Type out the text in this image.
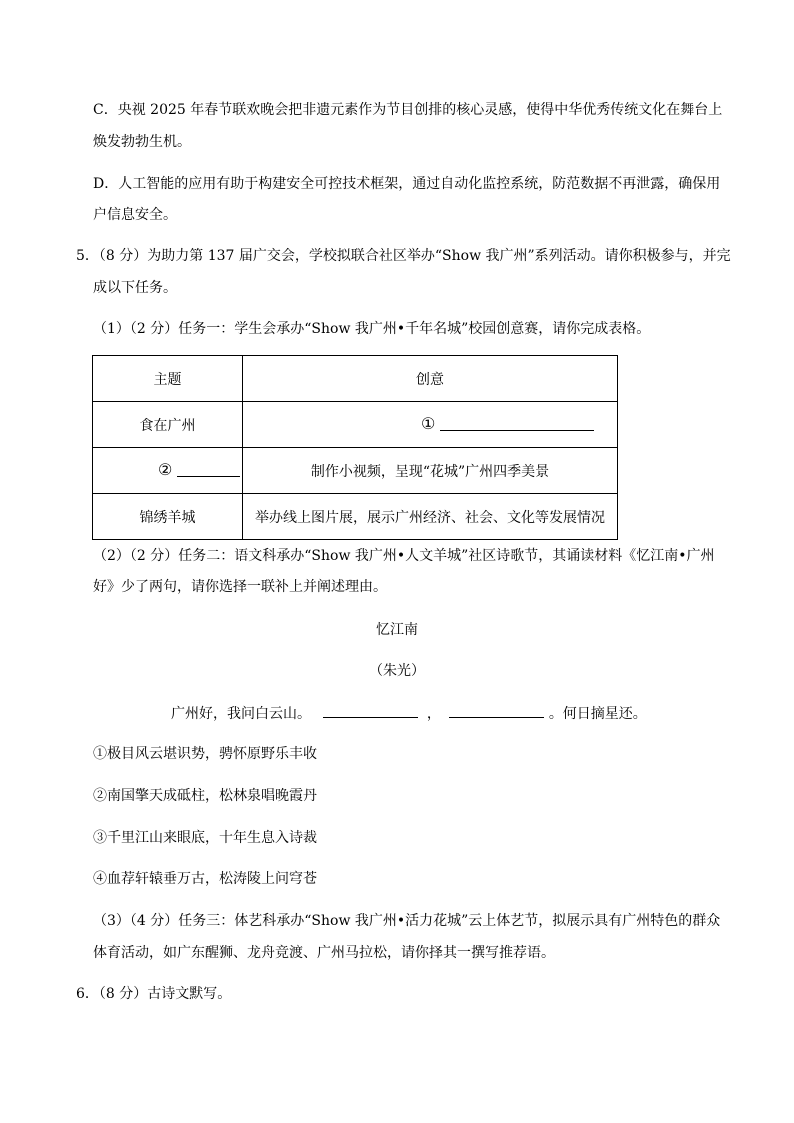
C．央视 2025 年春节联欢晚会把非遗元素作为节目创排的核心灵感，使得中华优秀传统文化在舞台上
焕发勃勃生机。
D．人工智能的应用有助于构建安全可控技术框架，通过自动化监控系统，防范数据不再泄露，确保用
户信息安全。
5．（8 分）为助力第 137 届广交会，学校拟联合社区举办“Show 我广州”系列活动。请你积极参与，并完
成以下任务。
（1）（2 分）任务一：学生会承办“Show 我广州•千年名城”校园创意赛，请你完成表格。
主题	创意
食在广州	①

②	制作小视频，呈现“花城”广州四季美景
锦绣羊城	举办线上图片展，展示广州经济、社会、文化等发展情况
（2）（2 分）任务二：语文科承办“Show 我广州•人文羊城”社区诗歌节，其诵读材料《忆江南•广州
好》少了两句，请你选择一联补上并阐述理由。
忆江南
（朱光）
广州好，我问白云山。	，	。何日摘星还。
①极目风云堪识势，骋怀原野乐丰收
②南国擎天成砥柱，松林泉唱晚霞丹
③千里江山来眼底，十年生息入诗裁
④血荐轩辕垂万古，松涛陵上问穹苍
（3）（4 分）任务三：体艺科承办“Show 我广州•活力花城”云上体艺节，拟展示具有广州特色的群众
体育活动，如广东醒狮、龙舟竞渡、广州马拉松，请你择其一撰写推荐语。
6．（8 分）古诗文默写。
